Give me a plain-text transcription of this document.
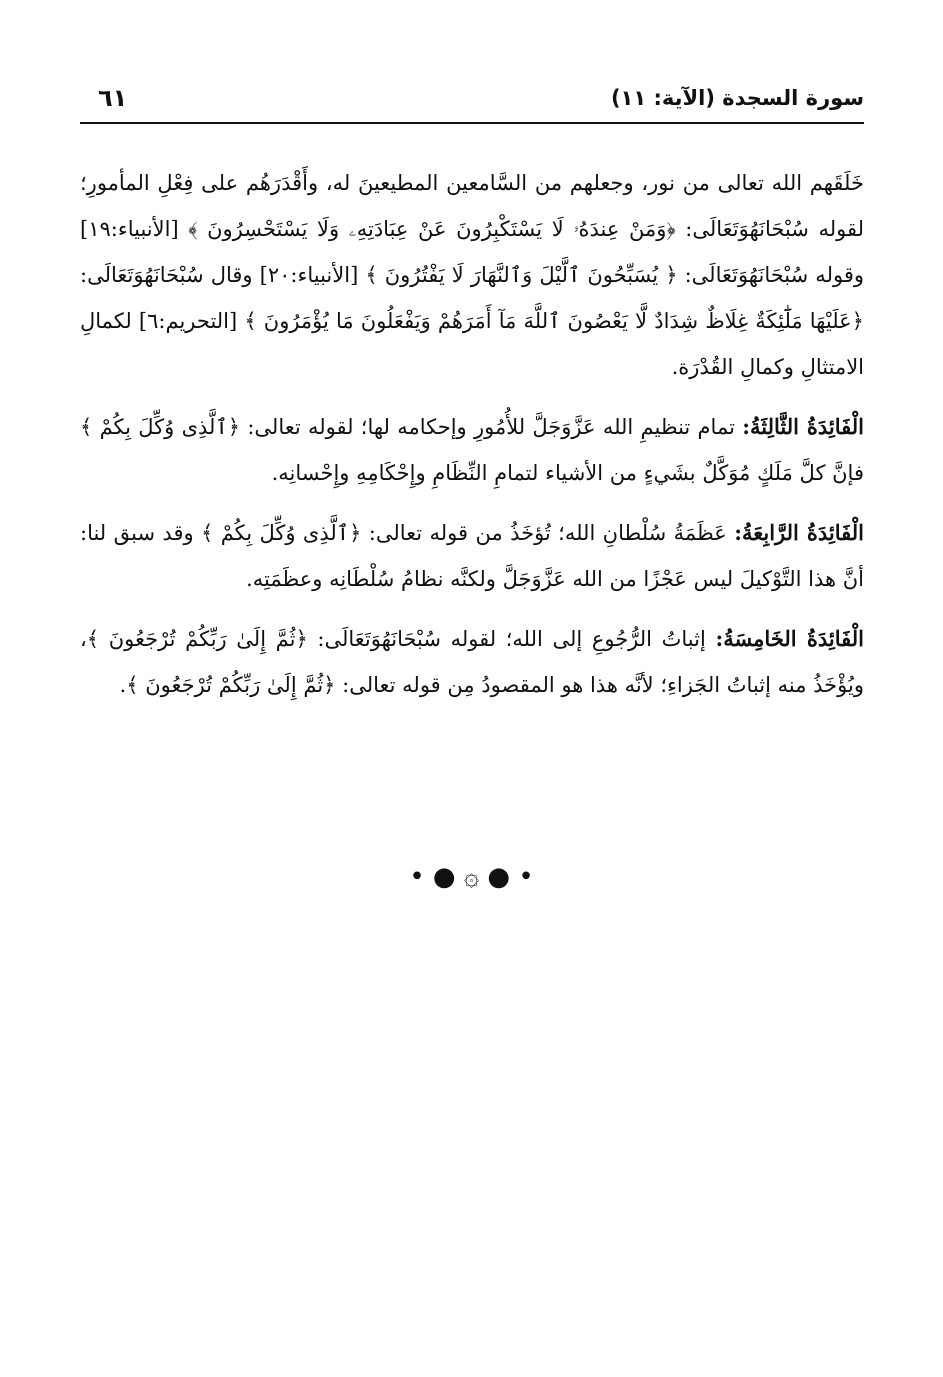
سورة السجدة (الآية: ١١)
٦١

خَلَقَهم الله تعالى من نور، وجعلهم من السَّامعين المطيعينَ له، وأَقْدَرَهُم على فِعْلِ المأمورِ؛ لقوله سُبْحَانَهُوَتَعَالَى: ﴿وَمَنْ عِندَهُۥ لَا يَسْتَكْبِرُونَ عَنْ عِبَادَتِهِۦ وَلَا يَسْتَحْسِرُونَ ﴾ [الأنبياء:١٩] وقوله سُبْحَانَهُوَتَعَالَى: ﴿ يُسَبِّحُونَ ٱلَّيْلَ وَٱلنَّهَارَ لَا يَفْتُرُونَ ﴾ [الأنبياء:٢٠] وقال سُبْحَانَهُوَتَعَالَى: ﴿عَلَيْهَا مَلَٰٓئِكَةٌ غِلَاظٌ شِدَادٌ لَّا يَعْصُونَ ٱللَّهَ مَآ أَمَرَهُمْ وَيَفْعَلُونَ مَا يُؤْمَرُونَ ﴾ [التحريم:٦] لكمالِ الامتثالِ وكمالِ القُدْرَة.

الْفَائِدَةُ الثَّالِثَةُ: تمام تنظيمِ الله عَزَّوَجَلَّ للأُمُورِ وإحكامه لها؛ لقوله تعالى: ﴿ٱلَّذِى وُكِّلَ بِكُمْ ﴾ فإنَّ كلَّ مَلَكٍ مُوَكَّلٌ بشَيءٍ من الأشياء لتمامِ النِّظَامِ وإِحْكَامِهِ وإِحْسانِه.

الْفَائِدَةُ الرَّابِعَةُ: عَظَمَةُ سُلْطانِ الله؛ تُؤخَذُ من قوله تعالى: ﴿ٱلَّذِى وُكِّلَ بِكُمْ ﴾ وقد سبق لنا: أنَّ هذا التَّوْكيلَ ليس عَجْزًا من الله عَزَّوَجَلَّ ولكنَّه نظامُ سُلْطَانِه وعظَمَتِه.

الْفَائِدَةُ الخَامِسَةُ: إثباتُ الرُّجُوعِ إلى الله؛ لقوله سُبْحَانَهُوَتَعَالَى: ﴿ثُمَّ إِلَىٰ رَبِّكُمْ تُرْجَعُونَ ﴾، ويُؤْخَذُ منه إثباتُ الجَزاءِ؛ لأنَّه هذا هو المقصودُ مِن قوله تعالى: ﴿ثُمَّ إِلَىٰ رَبِّكُمْ تُرْجَعُونَ ﴾.

• ● ۞ ● •
